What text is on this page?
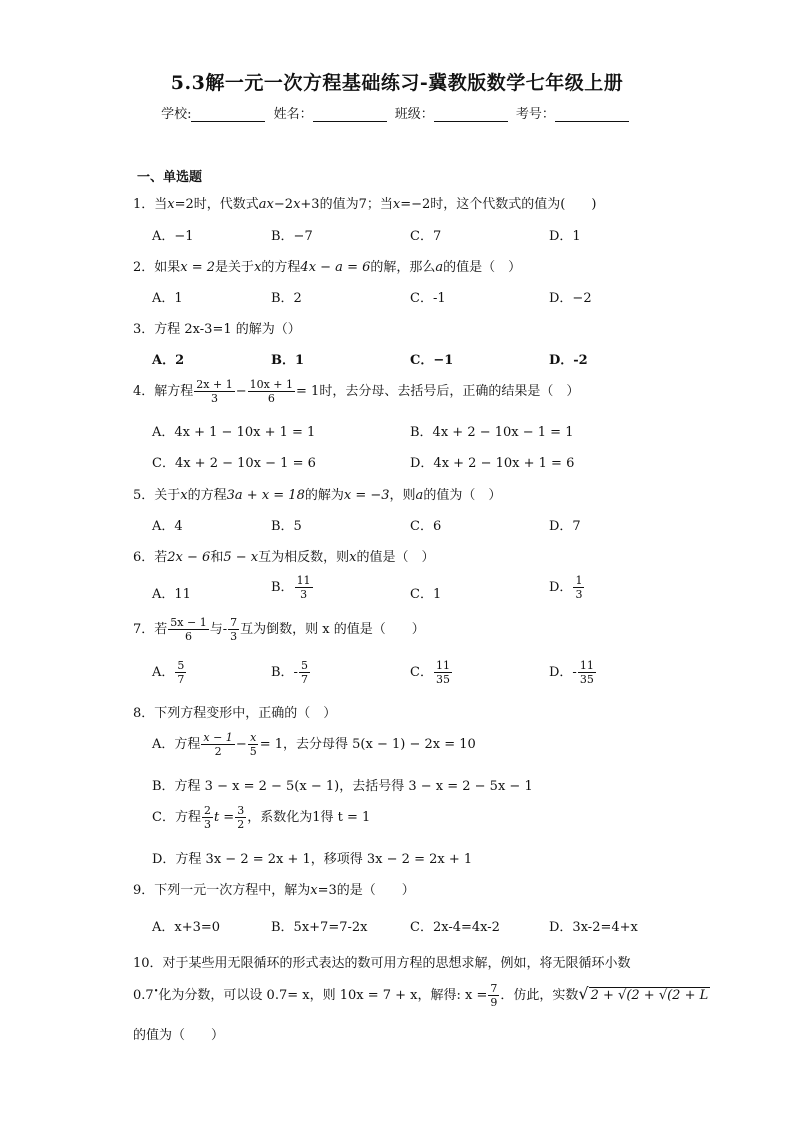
5.3解一元一次方程基础练习-冀教版数学七年级上册
学校:	姓名：	班级：	考号：
一、单选题
1．当x=2时，代数式ax−2x+3的值为7；当x=−2时，这个代数式的值为(　　)
A．−1	B．−7	C．7	D．1
2．如果x = 2是关于x的方程4x − a = 6的解，那么a的值是（　）
A．1	B．2	C．-1	D．−2
3．方程 2x-3=1 的解为（）
A．2	B．1	C．−1	D．-2
4．解方程 $\frac{2x + 1}{3} - \frac{10x + 1}{6} = 1$时，去分母、去括号后，正确的结果是（　）
A．4x + 1 − 10x + 1 = 1	B．4x + 2 − 10x − 1 = 1
C．4x + 2 − 10x − 1 = 6	D．4x + 2 − 10x + 1 = 6
5．关于x的方程3a + x = 18的解为x = −3，则a的值为（　）
A．4	B．5	C．6	D．7
6．若2x − 6和5 − x互为相反数，则x的值是（　）
A．11	B． $\frac{11}{3}$	C．1	D． $\frac{1}{3}$
7．若 $\frac{5x - 1}{6}$ 与- $\frac{7}{3}$ 互为倒数，则 x 的值是（　　）
A． $\frac{5}{7}$	B．- $\frac{5}{7}$	C． $\frac{11}{35}$	D．- $\frac{11}{35}$
8．下列方程变形中，正确的（　）
A．方程 $\frac{x - 1}{2} - \frac{x}{5} = 1$，去分母得 5(x − 1) − 2x = 10
B．方程 3 − x = 2 − 5(x − 1)，去括号得 3 − x = 2 − 5x − 1
C．方程 $\frac{2}{3}$ $t = \frac{3}{2}$ ，系数化为1得 t = 1
D．方程 3x − 2 = 2x + 1，移项得 3x − 2 = 2x + 1
9．下列一元一次方程中，解为x=3的是（　　）
A．x+3=0	B．5x+7=7-2x	C．2x-4=4x-2	D．3x-2=4+x
10．对于某些用无限循环的形式表达的数可用方程的思想求解，例如，将无限循环小数
0.7•化为分数，可以设 0.7= x，则 10x = 7 + x，解得: $x = \frac{7}{9}$ ．仿此，实数√ 2 + √(2 + √(2 + L
的值为（　　）
